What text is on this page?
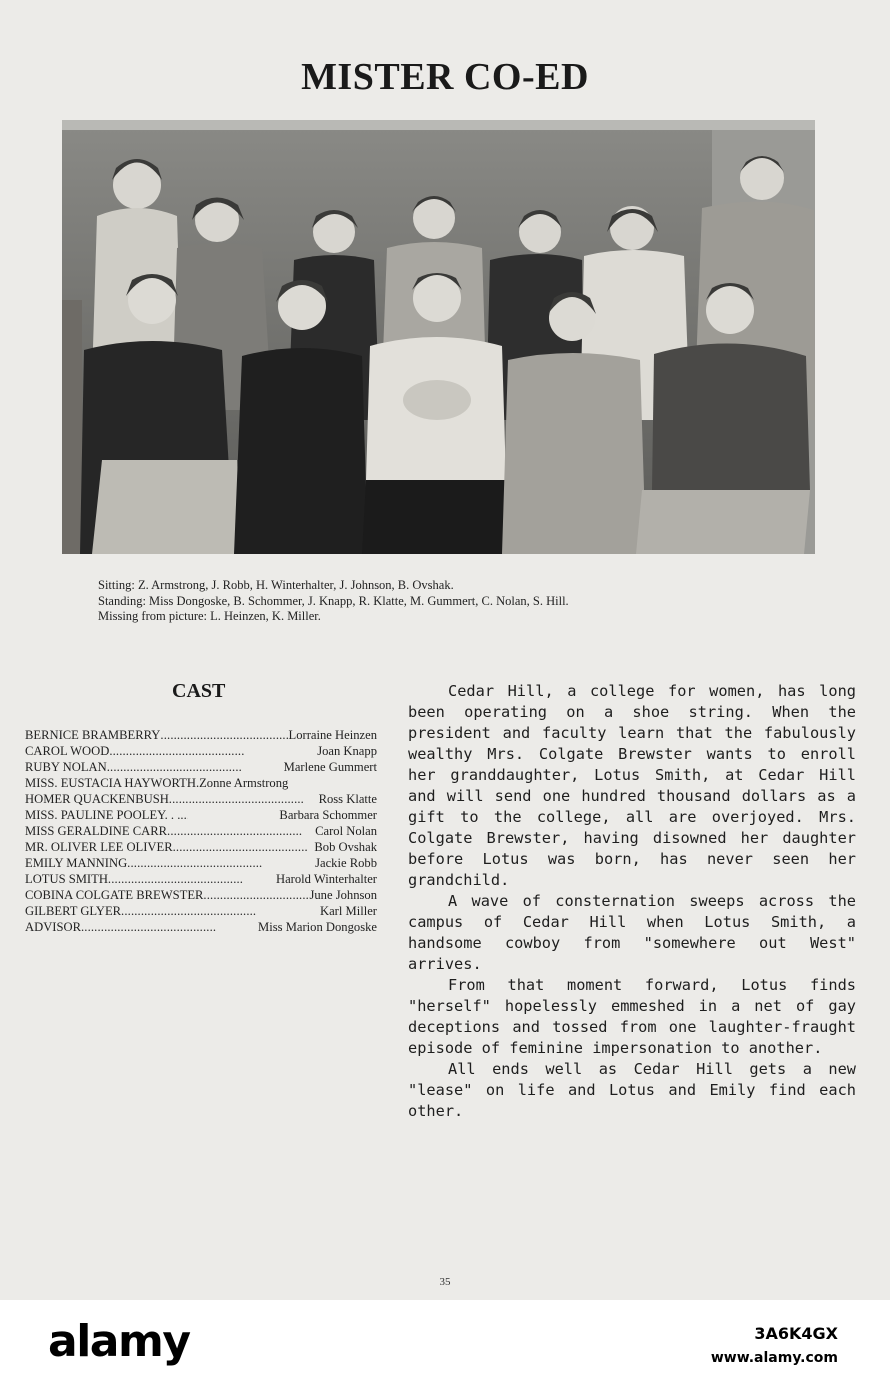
MISTER CO-ED
Sitting: Z. Armstrong, J. Robb, H. Winterhalter, J. Johnson, B. Ovshak.
Standing: Miss Dongoske, B. Schommer, J. Knapp, R. Klatte, M. Gummert, C. Nolan, S. Hill.
Missing from picture: L. Heinzen, K. Miller.
CAST
BERNICE BRAMBERRY . . .	Lorraine Heinzen
CAROL WOOD . . .	Joan Knapp
RUBY NOLAN . . .	Marlene Gummert
MISS. EUSTACIA HAYWORTH. Zonne Armstrong
HOMER QUACKENBUSH . . .	Ross Klatte
MISS. PAULINE POOLEY. . . . . .	Barbara Schommer
MISS GERALDINE CARR . . .	Carol Nolan
MR. OLIVER LEE OLIVER . . .	Bob Ovshak
EMILY MANNING . . .	Jackie Robb
LOTUS SMITH . . .	Harold Winterhalter
COBINA COLGATE BREWSTER . . .	June Johnson
GILBERT GLYER . . .	Karl Miller
ADVISOR . . .	Miss Marion Dongoske

Cedar Hill, a college for women, has long been operating on a shoe string. When the president and faculty learn that the fabulously wealthy Mrs. Colgate Brewster wants to enroll her granddaughter, Lotus Smith, at Cedar Hill and will send one hundred thousand dollars as a gift to the college, all are overjoyed. Mrs. Colgate Brewster, having disowned her daughter before Lotus was born, has never seen her grandchild.

A wave of consternation sweeps across the campus of Cedar Hill when Lotus Smith, a handsome cowboy from "somewhere out West" arrives.

From that moment forward, Lotus finds "herself" hopelessly emmeshed in a net of gay deceptions and tossed from one laughter-fraught episode of feminine impersonation to another.

All ends well as Cedar Hill gets a new "lease" on life and Lotus and Emily find each other.

35
alamy	3A6K4GX
www.alamy.com
